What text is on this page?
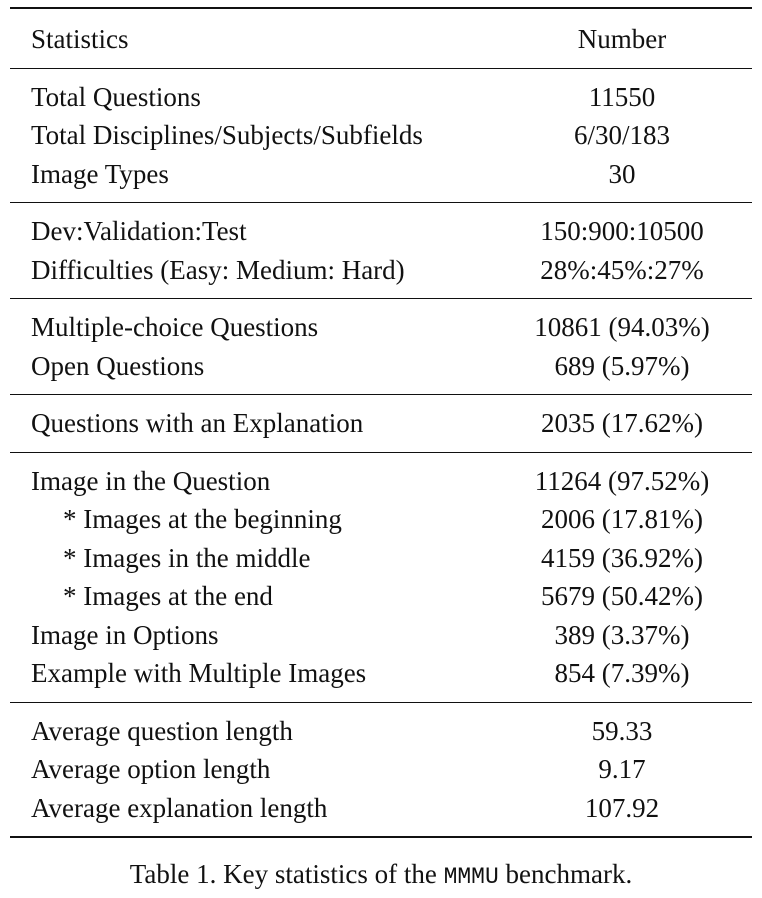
Statistics	Number
Total Questions	11550
Total Disciplines/Subjects/Subfields	6/30/183
Image Types	30
Dev:Validation:Test	150:900:10500
Difficulties (Easy: Medium: Hard)	28%:45%:27%
Multiple-choice Questions	10861 (94.03%)
Open Questions	689 (5.97%)
Questions with an Explanation	2035 (17.62%)
Image in the Question	11264 (97.52%)
* Images at the beginning	2006 (17.81%)
* Images in the middle	4159 (36.92%)
* Images at the end	5679 (50.42%)
Image in Options	389 (3.37%)
Example with Multiple Images	854 (7.39%)
Average question length	59.33
Average option length	9.17
Average explanation length	107.92
Table 1. Key statistics of the MMMU benchmark.
